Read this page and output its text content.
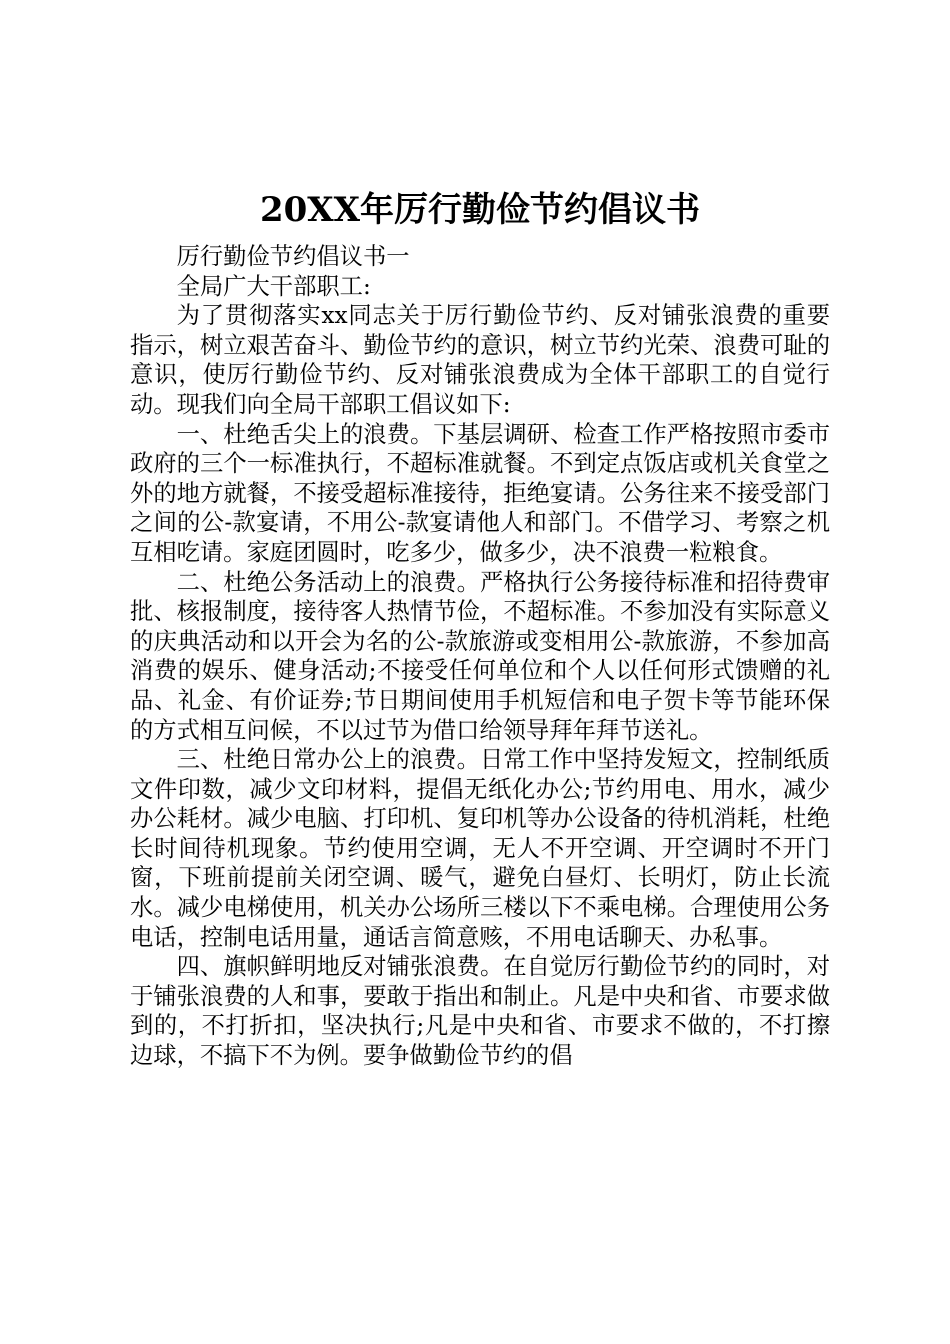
20XX年厉行勤俭节约倡议书

厉行勤俭节约倡议书一

全局广大干部职工:

为了贯彻落实xx同志关于厉行勤俭节约、反对铺张浪费的重要指示，树立艰苦奋斗、勤俭节约的意识，树立节约光荣、浪费可耻的意识，使厉行勤俭节约、反对铺张浪费成为全体干部职工的自觉行动。现我们向全局干部职工倡议如下:

一、杜绝舌尖上的浪费。下基层调研、检查工作严格按照市委市政府的三个一标准执行，不超标准就餐。不到定点饭店或机关食堂之外的地方就餐，不接受超标准接待，拒绝宴请。公务往来不接受部门之间的公-款宴请，不用公-款宴请他人和部门。不借学习、考察之机互相吃请。家庭团圆时，吃多少，做多少，决不浪费一粒粮食。

二、杜绝公务活动上的浪费。严格执行公务接待标准和招待费审批、核报制度，接待客人热情节俭，不超标准。不参加没有实际意义的庆典活动和以开会为名的公-款旅游或变相用公-款旅游，不参加高消费的娱乐、健身活动;不接受任何单位和个人以任何形式馈赠的礼品、礼金、有价证券;节日期间使用手机短信和电子贺卡等节能环保的方式相互问候，不以过节为借口给领导拜年拜节送礼。

三、杜绝日常办公上的浪费。日常工作中坚持发短文，控制纸质文件印数，减少文印材料，提倡无纸化办公;节约用电、用水，减少办公耗材。减少电脑、打印机、复印机等办公设备的待机消耗，杜绝长时间待机现象。节约使用空调，无人不开空调、开空调时不开门窗，下班前提前关闭空调、暖气，避免白昼灯、长明灯，防止长流水。减少电梯使用，机关办公场所三楼以下不乘电梯。合理使用公务电话，控制电话用量，通话言简意赅，不用电话聊天、办私事。

四、旗帜鲜明地反对铺张浪费。在自觉厉行勤俭节约的同时，对于铺张浪费的人和事，要敢于指出和制止。凡是中央和省、市要求做到的，不打折扣，坚决执行;凡是中央和省、市要求不做的，不打擦边球，不搞下不为例。要争做勤俭节约的倡
